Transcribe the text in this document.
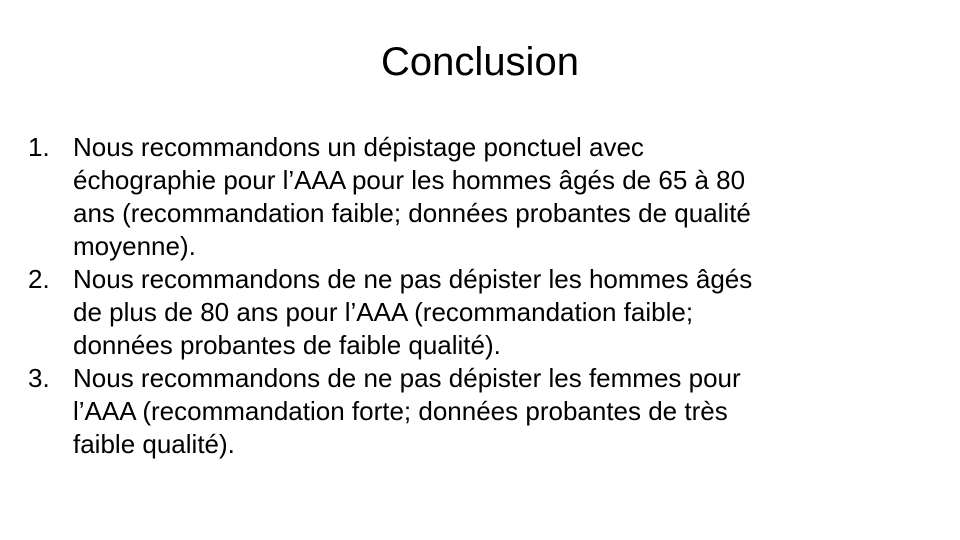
Conclusion
1. Nous recommandons un dépistage ponctuel avec
échographie pour l’AAA pour les hommes âgés de 65 à 80
ans (recommandation faible; données probantes de qualité
moyenne).
2. Nous recommandons de ne pas dépister les hommes âgés
de plus de 80 ans pour l’AAA (recommandation faible;
données probantes de faible qualité).
3. Nous recommandons de ne pas dépister les femmes pour
l’AAA (recommandation forte; données probantes de très
faible qualité).
